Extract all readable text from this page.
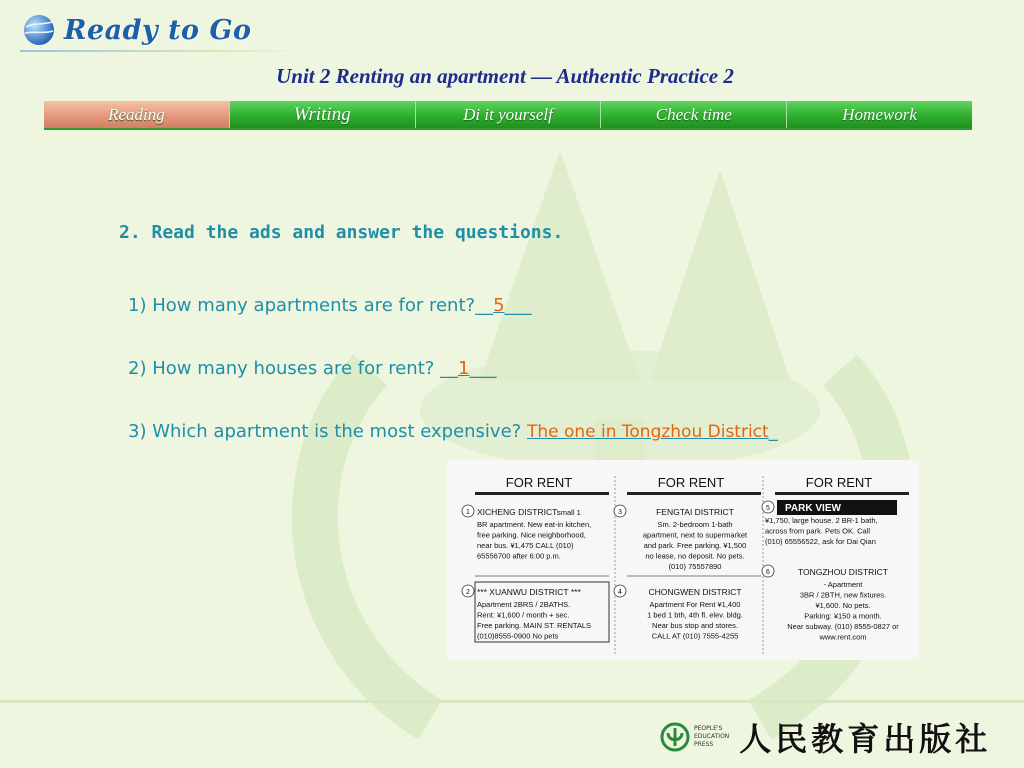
Ready to Go
Unit 2 Renting an apartment — Authentic Practice 2
Reading	Writing	Di it yourself	Check time	Homework
2. Read the ads and answer the questions.
1) How many apartments are for rent?__5___
2) How many houses are for rent? __1___
3) Which apartment is the most expensive? The one in Tongzhou District_
FOR RENT
1 XICHENG DISTRICT:
small 1
BR apartment. New eat-in kitchen,
free parking. Nice neighborhood,
near bus. ¥1,475 CALL (010)
65556700 after 6:00 p.m.
2 *** XUANWU DISTRICT ***
Apartment 2BRS / 2BATHS.
Rent: ¥1,600 / month + sec.
Free parking. MAIN ST. RENTALS
(010)8555-0900 No pets
FOR RENT
3	FENGTAI DISTRICT
Sm. 2-bedroom 1-bath
apartment, next to supermarket
and park. Free parking. ¥1,500
no lease, no deposit. No pets.
(010) 75557890
4	CHONGWEN DISTRICT
Apartment For Rent ¥1,400
1 bed 1 bth, 4th fl. elev. bldg.
Near bus stop and stores.
CALL AT (010) 7555-4255
FOR RENT
5 PARK VIEW
¥1,750, large house. 2 BR-1 bath,
across from park. Pets OK. Call
(010) 65556522, ask for Dai Qian
6	TONGZHOU DISTRICT
- Apartment
3BR / 2BTH, new fixtures.
¥1,600. No pets.
Parking: ¥150 a month.
Near subway. (010) 8555-0827 or
www.rent.com
PEOPLE'S
EDUCATION
PRESS 人民教育出版社
